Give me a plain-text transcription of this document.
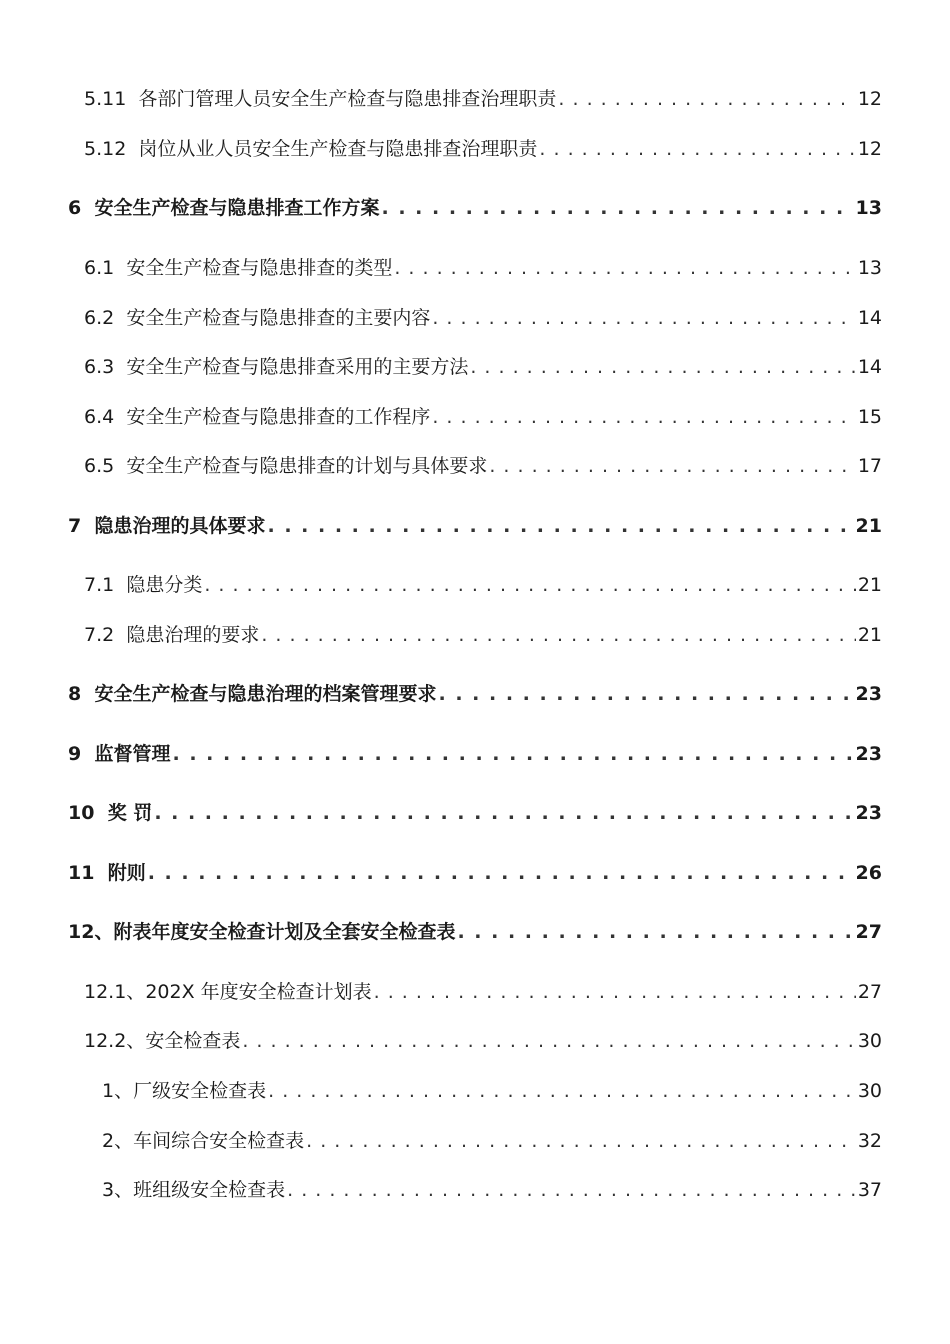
5.11 各部门管理人员安全生产检查与隐患排查治理职责 . . .	12
5.12 岗位从业人员安全生产检查与隐患排查治理职责 . . .	12
6 安全生产检查与隐患排查工作方案 . . .	13
6.1 安全生产检查与隐患排查的类型 . . .	13
6.2 安全生产检查与隐患排查的主要内容 . . .	14
6.3 安全生产检查与隐患排查采用的主要方法 . . .	14
6.4 安全生产检查与隐患排查的工作程序 . . .	15
6.5 安全生产检查与隐患排查的计划与具体要求 . . .	17
7 隐患治理的具体要求 . . .	21
7.1 隐患分类 . . .	21
7.2 隐患治理的要求 . . .	21
8 安全生产检查与隐患治理的档案管理要求 . . .	23
9 监督管理 . . .	23
10 奖 罚 . . .	23
11 附则 . . .	26
12、附表年度安全检查计划及全套安全检查表 . . .	27
12.1、202X 年度安全检查计划表 . . .	27
12.2、安全检查表 . . .	30
1、厂级安全检查表 . . .	30
2、车间综合安全检查表 . . .	32
3、班组级安全检查表 . . .	37
